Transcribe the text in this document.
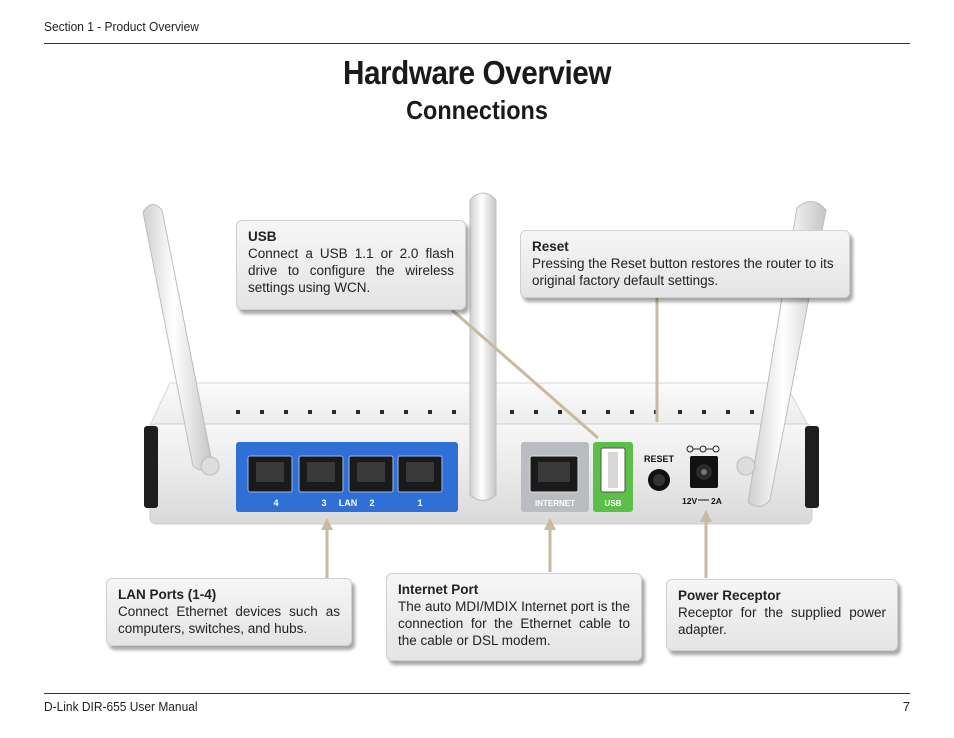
Section 1 - Product Overview
Hardware Overview
Connections
4	3 LAN 2	1	INTERNET	USB
RESET
12V 2A
USB
Connect a USB 1.1 or 2.0 flash drive to configure the wireless settings using WCN.
Reset
Pressing the Reset button restores the router to its original factory default settings.
LAN Ports (1-4)
Connect Ethernet devices such as computers, switches, and hubs.
Internet Port
The auto MDI/MDIX Internet port is the connection for the Ethernet cable to the cable or DSL modem.
Power Receptor
Receptor for the supplied power adapter.
D-Link DIR-655 User Manual	7
